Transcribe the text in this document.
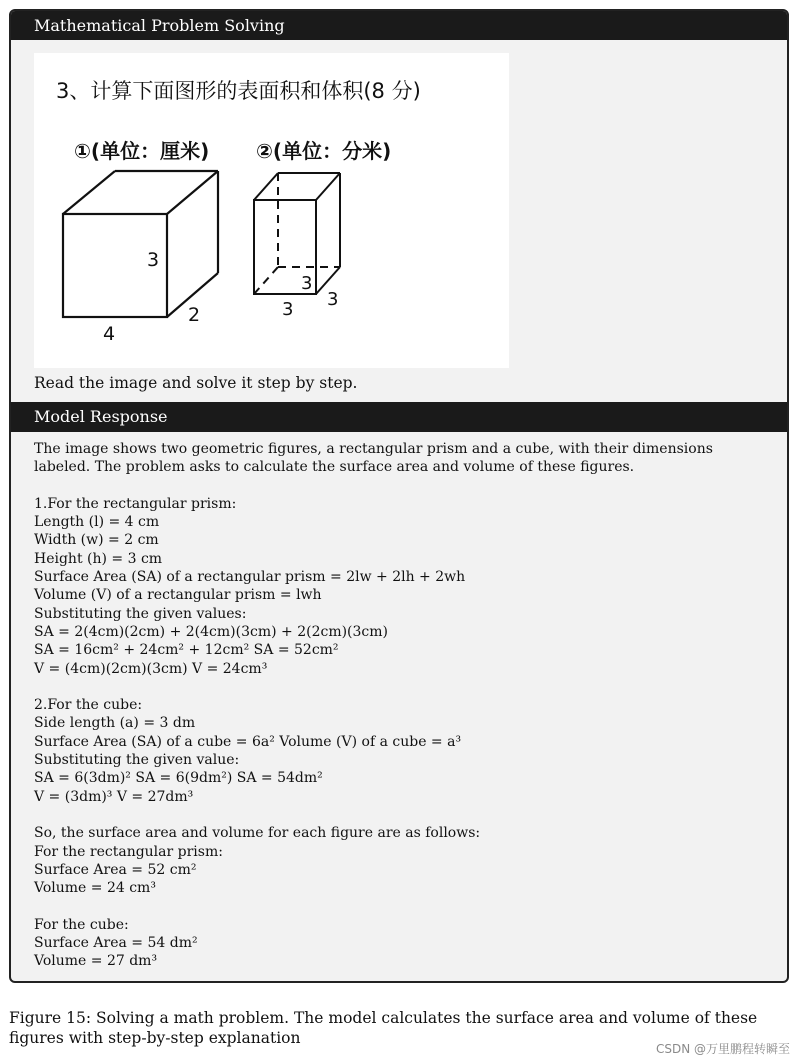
Mathematical Problem Solving
3、计算下面图形的表面积和体积(8 分)
①(单位：厘米) ②(单位：分米)
3
2
4
3
3
3
Read the image and solve it step by step.
Model Response

The image shows two geometric figures, a rectangular prism and a cube, with their dimensions labeled. The problem asks to calculate the surface area and volume of these figures.

1.For the rectangular prism:

Length (l) = 4 cm

Width (w) = 2 cm

Height (h) = 3 cm

Surface Area (SA) of a rectangular prism = 2lw + 2lh + 2wh

Volume (V) of a rectangular prism = lwh

Substituting the given values:

SA = 2(4cm)(2cm) + 2(4cm)(3cm) + 2(2cm)(3cm)

SA = 16cm² + 24cm² + 12cm² SA = 52cm²

V = (4cm)(2cm)(3cm) V = 24cm³

2.For the cube:

Side length (a) = 3 dm

Surface Area (SA) of a cube = 6a² Volume (V) of a cube = a³

Substituting the given value:

SA = 6(3dm)² SA = 6(9dm²) SA = 54dm²

V = (3dm)³ V = 27dm³

So, the surface area and volume for each figure are as follows:

For the rectangular prism:

Surface Area = 52 cm²

Volume = 24 cm³

For the cube:

Surface Area = 54 dm²

Volume = 27 dm³

Figure 15: Solving a math problem. The model calculates the surface area and volume of these figures with step-by-step explanation
CSDN @万里鹏程转瞬至
